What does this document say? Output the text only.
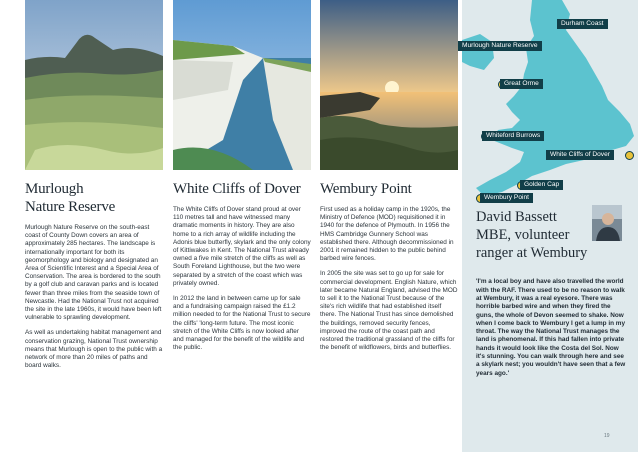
Murlough
Nature Reserve

Murlough Nature Reserve on the south-east coast of County Down covers an area of approximately 285 hectares. The landscape is internationally important for both its geomorphology and biology and designated an Area of Scientific Interest and a Special Area of Conservation. The area is bordered to the south by a golf club and caravan parks and is located fewer than three miles from the seaside town of Newcastle. Had the National Trust not acquired the site in the late 1960s, it would have been left vulnerable to sprawling development.

As well as undertaking habitat management and conservation grazing, National Trust ownership means that Murlough is open to the public with a network of more than 20 miles of paths and board walks.

White Cliffs of Dover

The White Cliffs of Dover stand proud at over 110 metres tall and have witnessed many dramatic moments in history. They are also home to a rich array of wildlife including the Adonis blue butterfly, skylark and the only colony of Kittiwakes in Kent. The National Trust already owned a five mile stretch of the cliffs as well as South Foreland Lighthouse, but the two were separated by a stretch of the coast which was privately owned.

In 2012 the land in between came up for sale and a fundraising campaign raised the £1.2 million needed to for the National Trust to secure the cliffs' 'long-term future. The most iconic stretch of the White Cliffs is now looked after and managed for the benefit of the wildlife and the public.

Wembury Point

First used as a holiday camp in the 1920s, the Ministry of Defence (MOD) requisitioned it in 1940 for the defence of Plymouth. In 1956 the HMS Cambridge Gunnery School was established there. Although decommissioned in 2001 it remained hidden to the public behind barbed wire fences.

In 2005 the site was set to go up for sale for commercial development. English Nature, which later became Natural England, advised the MOD to sell it to the National Trust because of the site's rich wildlife that had established itself there. The National Trust has since demolished the buildings, removed security fences, improved the route of the coast path and restored the traditional grassland of the cliffs for the benefit of wildflowers, birds and butterflies.

Durham Coast
Murlough Nature Reserve
Great Orme
Whiteford Burrows
White Cliffs of Dover
Golden Cap
Wembury Point
David Bassett
MBE, volunteer
ranger at Wembury

'I'm a local boy and have also travelled the world with the RAF. There used to be no reason to walk at Wembury, it was a real eyesore. There was horrible barbed wire and when they fired the guns, the whole of Devon seemed to shake. Now when I come back to Wembury I get a lump in my throat. The way the National Trust manages the land is phenomenal. If this had fallen into private hands it would look like the Costa del Sol. Now it's stunning. You can walk through here and see a skylark nest; you wouldn't have seen that a few years ago.'

19
